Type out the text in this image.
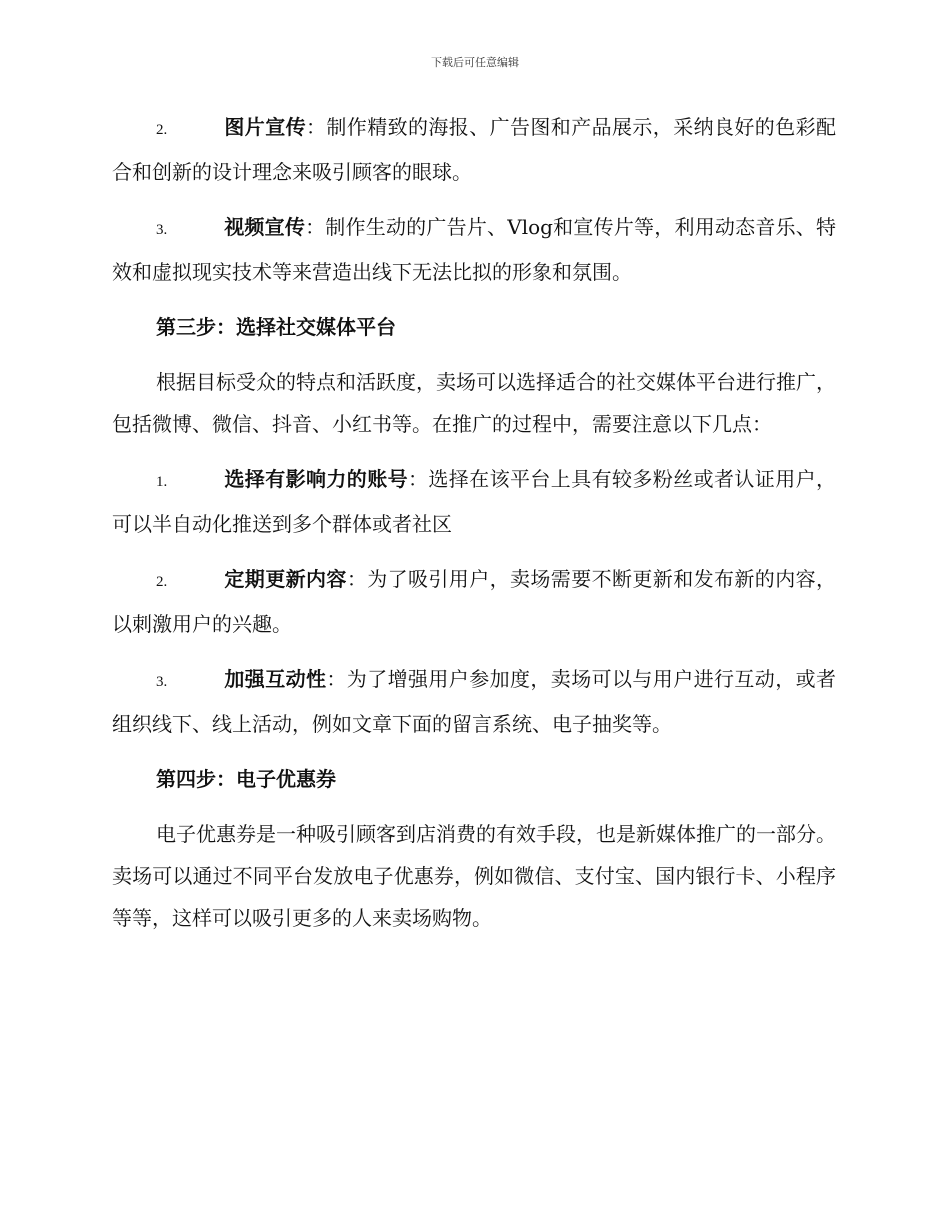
下载后可任意编辑
2.	图片宣传：制作精致的海报、广告图和产品展示，采纳良好的色彩配合和创新的设计理念来吸引顾客的眼球。
3.	视频宣传：制作生动的广告片、Vlog和宣传片等，利用动态音乐、特效和虚拟现实技术等来营造出线下无法比拟的形象和氛围。
第三步：选择社交媒体平台
根据目标受众的特点和活跃度，卖场可以选择适合的社交媒体平台进行推广，包括微博、微信、抖音、小红书等。在推广的过程中，需要注意以下几点：
1.	选择有影响力的账号：选择在该平台上具有较多粉丝或者认证用户，可以半自动化推送到多个群体或者社区
2.	定期更新内容：为了吸引用户，卖场需要不断更新和发布新的内容，以刺激用户的兴趣。
3.	加强互动性：为了增强用户参加度，卖场可以与用户进行互动，或者组织线下、线上活动，例如文章下面的留言系统、电子抽奖等。
第四步：电子优惠券
电子优惠券是一种吸引顾客到店消费的有效手段，也是新媒体推广的一部分。卖场可以通过不同平台发放电子优惠券，例如微信、支付宝、国内银行卡、小程序等等，这样可以吸引更多的人来卖场购物。
